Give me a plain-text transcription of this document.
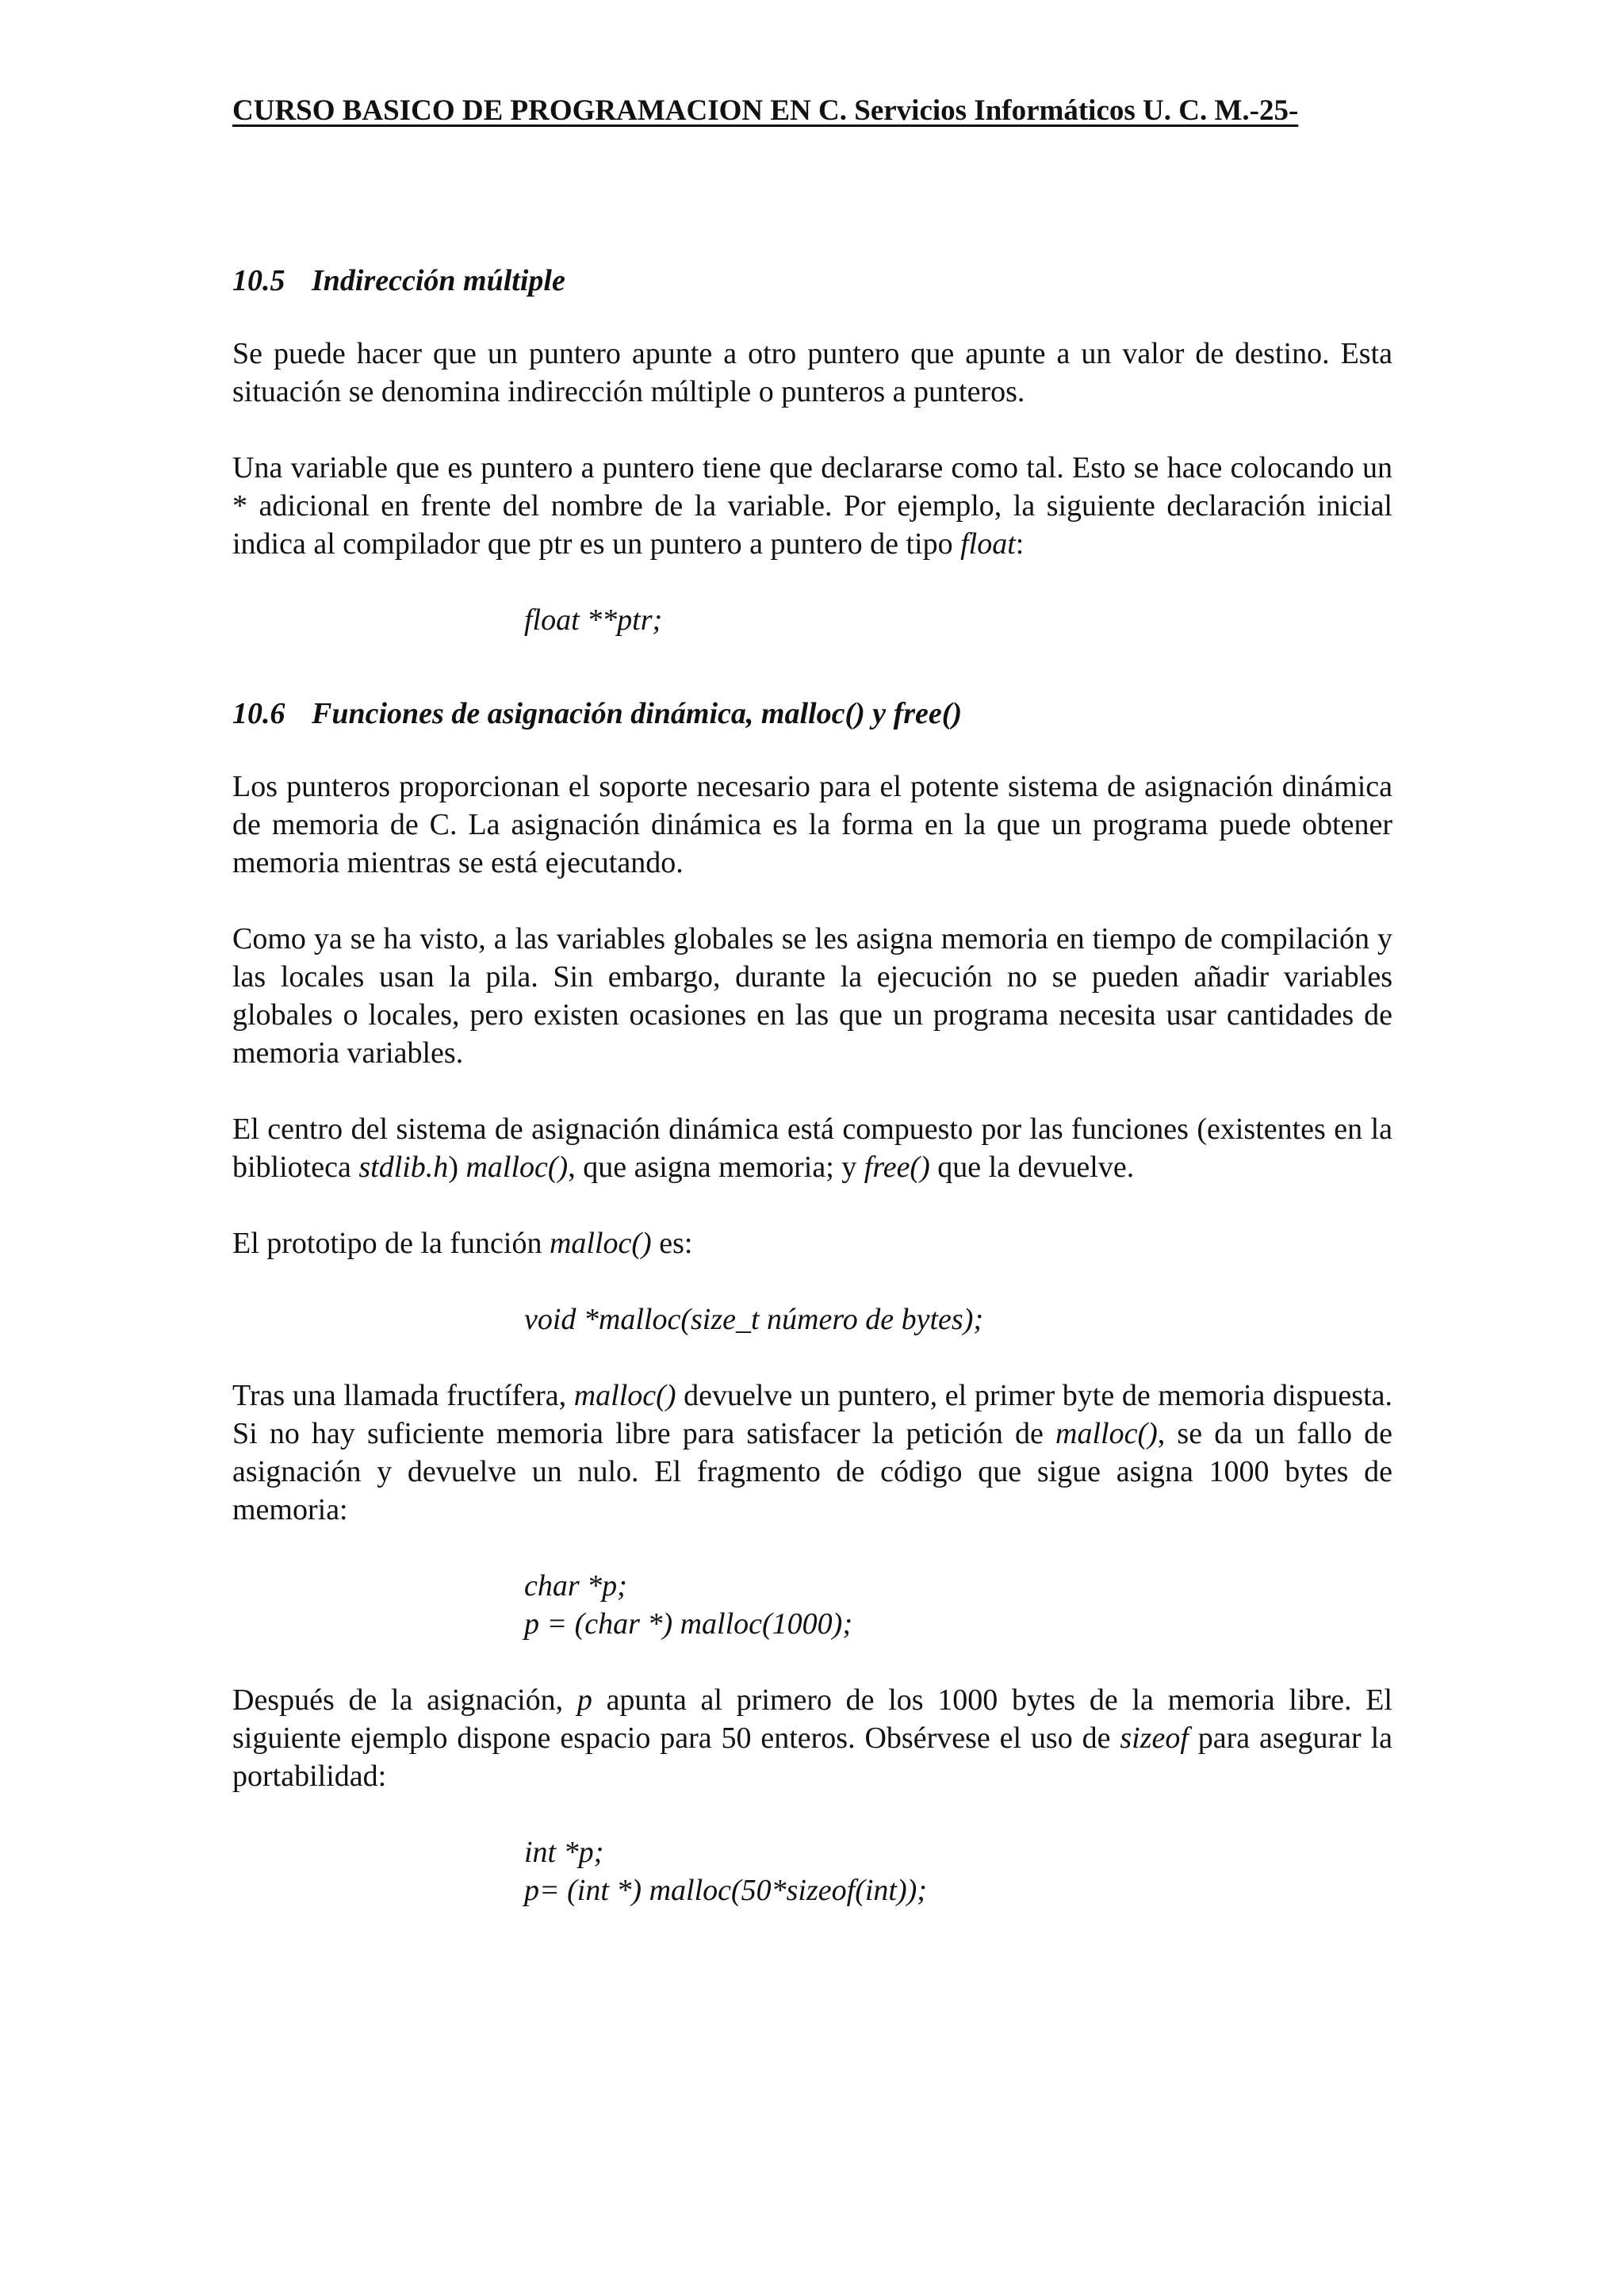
CURSO BASICO DE PROGRAMACION EN C. Servicios Informáticos U. C. M.-25-
10.5 Indirección múltiple

Se puede hacer que un puntero apunte a otro puntero que apunte a un valor de destino. Esta situación se denomina indirección múltiple o punteros a punteros.

Una variable que es puntero a puntero tiene que declararse como tal. Esto se hace colocando un * adicional en frente del nombre de la variable. Por ejemplo, la siguiente declaración inicial indica al compilador que ptr es un puntero a puntero de tipo float:

float **ptr;
10.6 Funciones de asignación dinámica, malloc() y free()

Los punteros proporcionan el soporte necesario para el potente sistema de asignación dinámica de memoria de C. La asignación dinámica es la forma en la que un programa puede obtener memoria mientras se está ejecutando.

Como ya se ha visto, a las variables globales se les asigna memoria en tiempo de compilación y las locales usan la pila. Sin embargo, durante la ejecución no se pueden añadir variables globales o locales, pero existen ocasiones en las que un programa necesita usar cantidades de memoria variables.

El centro del sistema de asignación dinámica está compuesto por las funciones (existentes en la biblioteca stdlib.h) malloc(), que asigna memoria; y free() que la devuelve.

El prototipo de la función malloc() es:

void *malloc(size_t número de bytes);

Tras una llamada fructífera, malloc() devuelve un puntero, el primer byte de memoria dispuesta. Si no hay suficiente memoria libre para satisfacer la petición de malloc(), se da un fallo de asignación y devuelve un nulo. El fragmento de código que sigue asigna 1000 bytes de memoria:

char *p;
p = (char *) malloc(1000);

Después de la asignación, p apunta al primero de los 1000 bytes de la memoria libre. El siguiente ejemplo dispone espacio para 50 enteros. Obsérvese el uso de sizeof para asegurar la portabilidad:

int *p;
p= (int *) malloc(50*sizeof(int));
